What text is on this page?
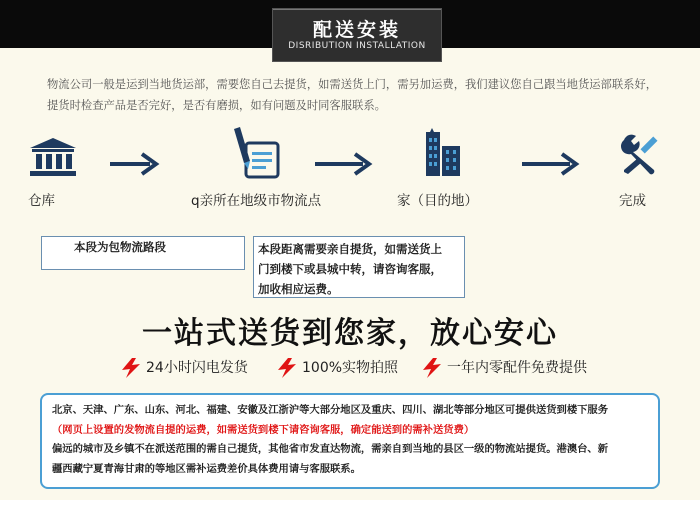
配送安装
DISRIBUTION INSTALLATION
物流公司一般是运到当地货运部，需要您自己去提货，如需送货上门，需另加运费，我们建议您自己跟当地货运部联系好，
提货时检查产品是否完好，是否有磨损，如有问题及时同客服联系。
仓库	q亲所在地级市物流点	家（目的地）	完成
本段为包物流路段	本段距离需要亲自提货，如需送货上
门到楼下或县城中转，请咨询客服，
加收相应运费。
一站式送货到您家，放心安心
24小时闪电发货	100%实物拍照	一年内零配件免费提供
北京、天津、广东、山东、河北、福建、安徽及江浙沪等大部分地区及重庆、四川、湖北等部分地区可提供送货到楼下服务
（网页上设置的发物流自提的运费，如需送货到楼下请咨询客服，确定能送到的需补送货费）
偏远的城市及乡镇不在派送范围的需自己提货，其他省市发直达物流，需亲自到当地的县区一级的物流站提货。港澳台、新
疆西藏宁夏青海甘肃的等地区需补运费差价具体费用请与客服联系。
